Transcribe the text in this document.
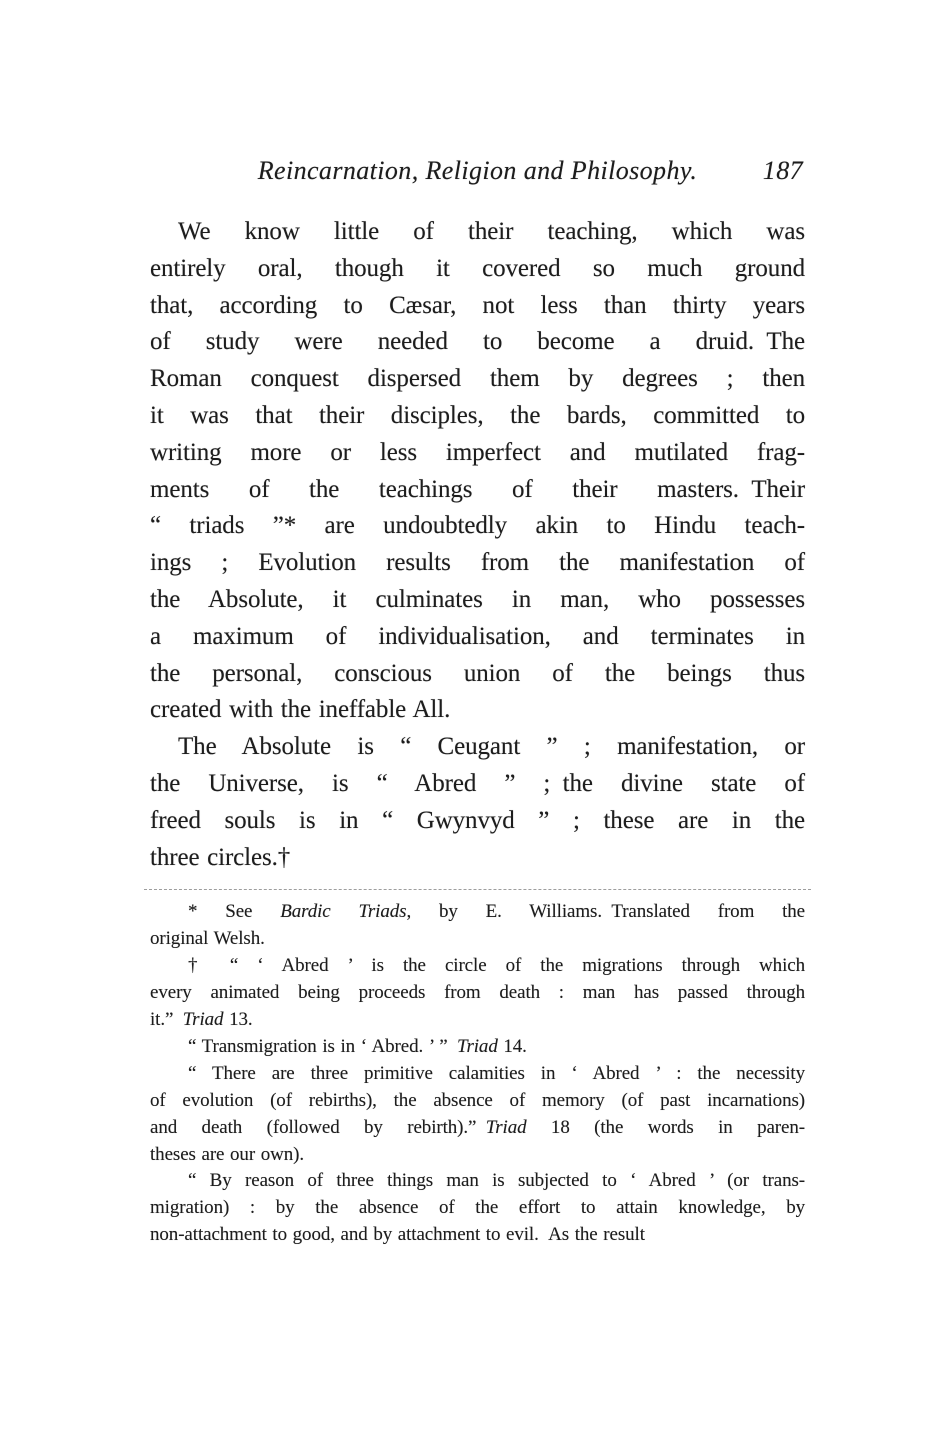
Reincarnation, Religion and Philosophy.	187
We know little of their teaching, which was
entirely oral, though it covered so much ground
that, according to Cæsar, not less than thirty years
of study were needed to become a druid. The
Roman conquest dispersed them by degrees ; then
it was that their disciples, the bards, committed to
writing more or less imperfect and mutilated frag-
ments of the teachings of their masters. Their
“ triads ”* are undoubtedly akin to Hindu teach-
ings ; Evolution results from the manifestation of
the Absolute, it culminates in man, who possesses
a maximum of individualisation, and terminates in
the personal, conscious union of the beings thus
created with the ineffable All.
The Absolute is “ Ceugant ” ; manifestation, or
the Universe, is “ Abred ” ; the divine state of
freed souls is in “ Gwynvyd ” ; these are in the
three circles.†
* See Bardic Triads, by E. Williams. Translated from the
original Welsh.
† “ ‘ Abred ’ is the circle of the migrations through which
every animated being proceeds from death : man has passed through
it.” Triad 13.
“ Transmigration is in ‘ Abred. ’ ” Triad 14.
“ There are three primitive calamities in ‘ Abred ’ : the necessity
of evolution (of rebirths), the absence of memory (of past incarnations)
and death (followed by rebirth).” Triad 18 (the words in paren-
theses are our own).
“ By reason of three things man is subjected to ‘ Abred ’ (or trans-
migration) : by the absence of the effort to attain knowledge, by
non-attachment to good, and by attachment to evil. As the result
